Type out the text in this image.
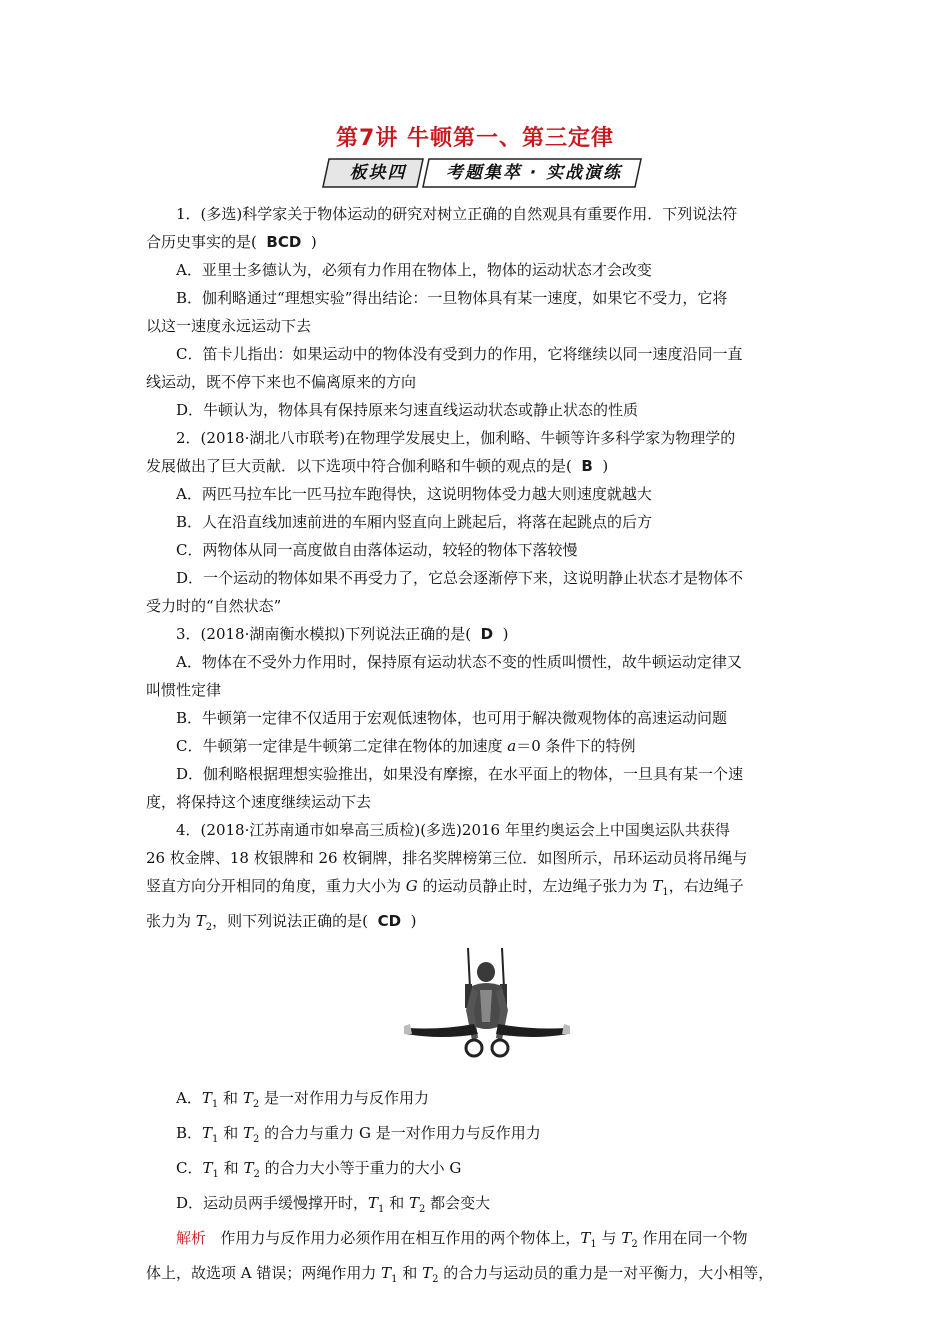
第7讲 牛顿第一、第三定律
板块四	考题集萃 · 实战演练
1．(多选)科学家关于物体运动的研究对树立正确的自然观具有重要作用．下列说法符
合历史事实的是( BCD )
A．亚里士多德认为，必须有力作用在物体上，物体的运动状态才会改变
B．伽利略通过“理想实验”得出结论：一旦物体具有某一速度，如果它不受力，它将
以这一速度永远运动下去
C．笛卡儿指出：如果运动中的物体没有受到力的作用，它将继续以同一速度沿同一直
线运动，既不停下来也不偏离原来的方向
D．牛顿认为，物体具有保持原来匀速直线运动状态或静止状态的性质
2．(2018·湖北八市联考)在物理学发展史上，伽利略、牛顿等许多科学家为物理学的
发展做出了巨大贡献．以下选项中符合伽利略和牛顿的观点的是( B )
A．两匹马拉车比一匹马拉车跑得快，这说明物体受力越大则速度就越大
B．人在沿直线加速前进的车厢内竖直向上跳起后，将落在起跳点的后方
C．两物体从同一高度做自由落体运动，较轻的物体下落较慢
D．一个运动的物体如果不再受力了，它总会逐渐停下来，这说明静止状态才是物体不
受力时的“自然状态”
3．(2018·湖南衡水模拟)下列说法正确的是( D )
A．物体在不受外力作用时，保持原有运动状态不变的性质叫惯性，故牛顿运动定律又
叫惯性定律
B．牛顿第一定律不仅适用于宏观低速物体，也可用于解决微观物体的高速运动问题
C．牛顿第一定律是牛顿第二定律在物体的加速度 a＝0 条件下的特例
D．伽利略根据理想实验推出，如果没有摩擦，在水平面上的物体，一旦具有某一个速
度，将保持这个速度继续运动下去
4．(2018·江苏南通市如皋高三质检)(多选)2016 年里约奥运会上中国奥运队共获得
26 枚金牌、18 枚银牌和 26 枚铜牌，排名奖牌榜第三位．如图所示，吊环运动员将吊绳与
竖直方向分开相同的角度，重力大小为 G 的运动员静止时，左边绳子张力为 $T_1$，右边绳子
张力为 $T_2$，则下列说法正确的是( CD )
A．$T_1$ 和 $T_2$ 是一对作用力与反作用力
B．$T_1$ 和 $T_2$ 的合力与重力 G 是一对作用力与反作用力
C．$T_1$ 和 $T_2$ 的合力大小等于重力的大小 G
D．运动员两手缓慢撑开时，$T_1$ 和 $T_2$ 都会变大
解析 作用力与反作用力必须作用在相互作用的两个物体上，$T_1$ 与 $T_2$ 作用在同一个物
体上，故选项 A 错误；两绳作用力 $T_1$ 和 $T_2$ 的合力与运动员的重力是一对平衡力，大小相等，
